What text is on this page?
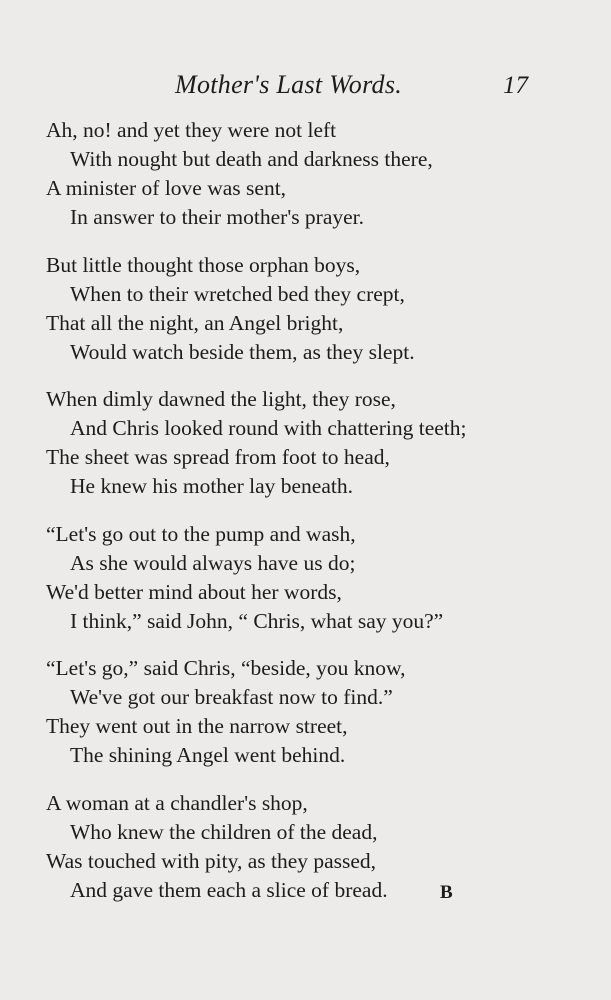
Mother's Last Words.	17
Ah, no! and yet they were not left
With nought but death and darkness there,
A minister of love was sent,
In answer to their mother's prayer.
But little thought those orphan boys,
When to their wretched bed they crept,
That all the night, an Angel bright,
Would watch beside them, as they slept.
When dimly dawned the light, they rose,
And Chris looked round with chattering teeth;
The sheet was spread from foot to head,
He knew his mother lay beneath.
“Let's go out to the pump and wash,
As she would always have us do;
We'd better mind about her words,
I think,” said John, “ Chris, what say you?”
“Let's go,” said Chris, “beside, you know,
We've got our breakfast now to find.”
They went out in the narrow street,
The shining Angel went behind.
A woman at a chandler's shop,
Who knew the children of the dead,
Was touched with pity, as they passed,
And gave them each a slice of bread.	B
